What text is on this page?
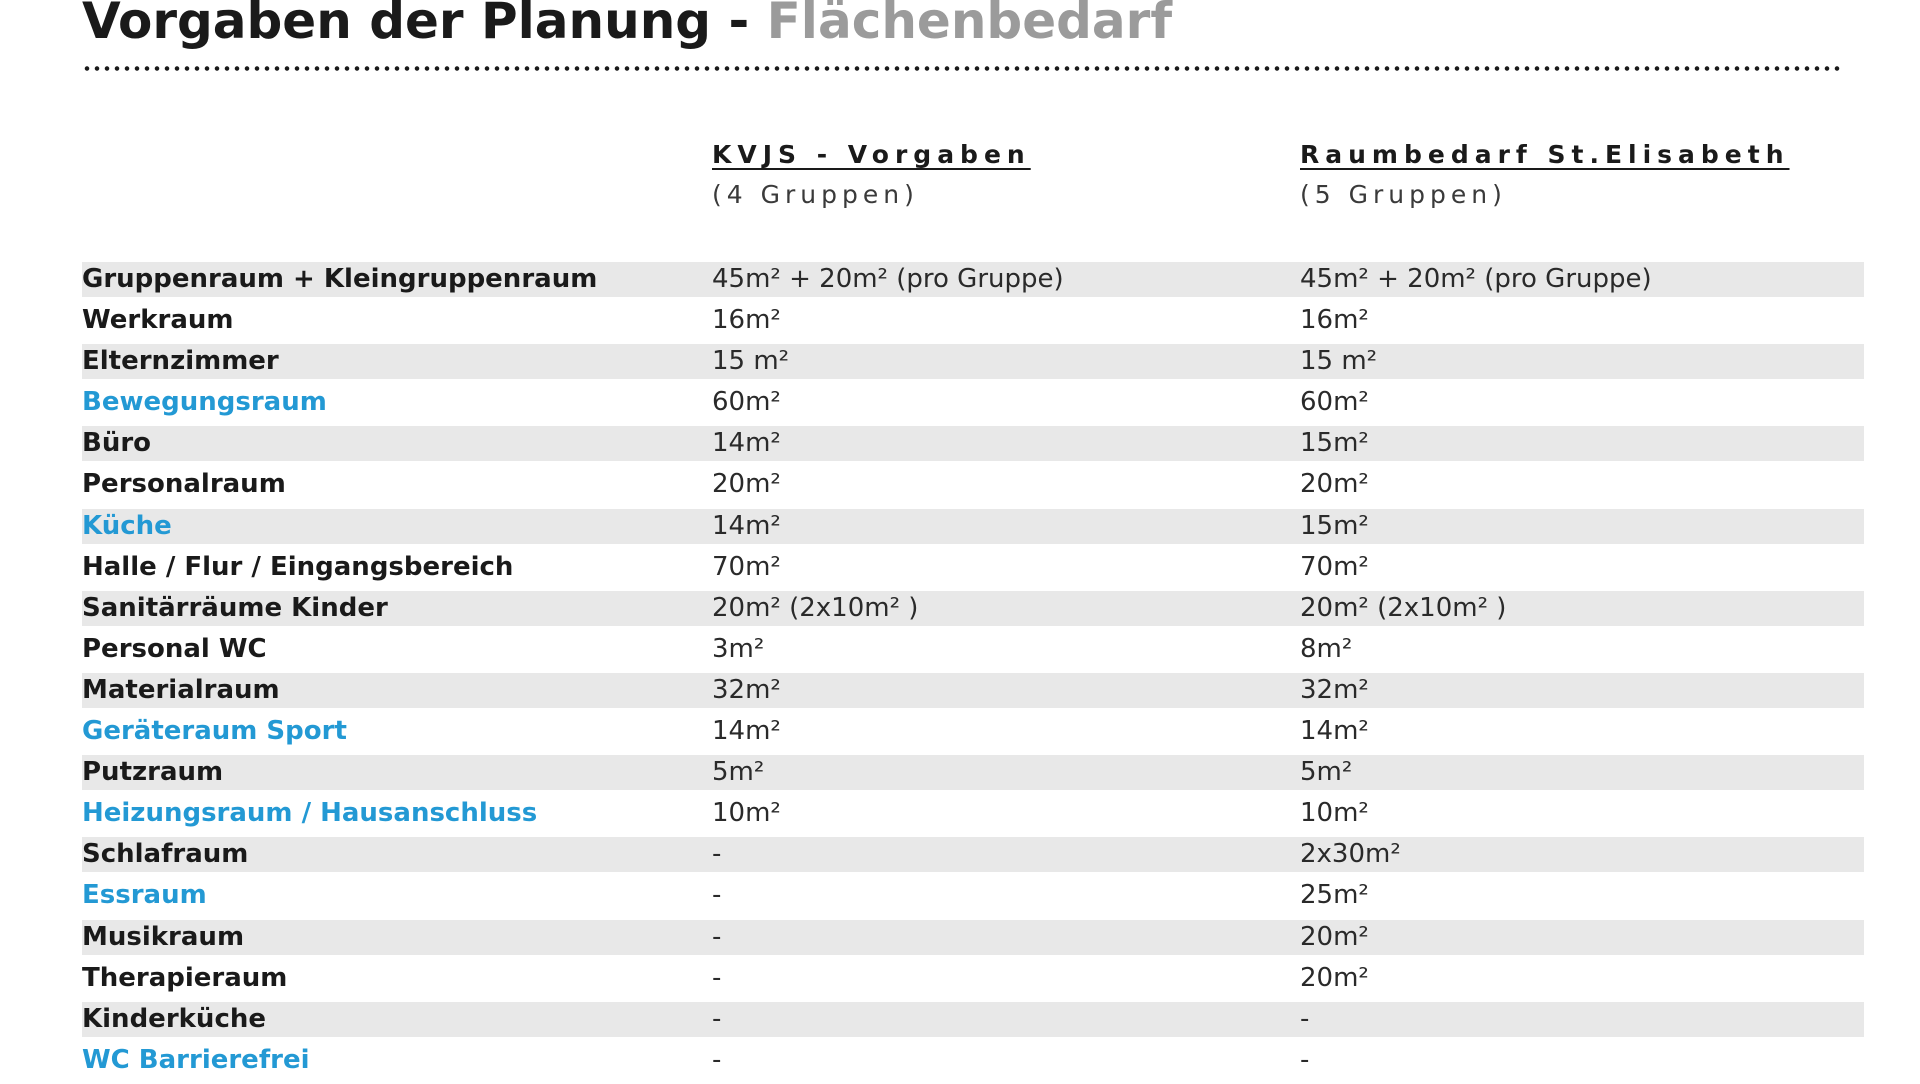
Vorgaben der Planung - Flächenbedarf
KVJS - Vorgaben
(4 Gruppen)
Raumbedarf St.Elisabeth
(5 Gruppen)
Gruppenraum + Kleingruppenraum	45m² + 20m² (pro Gruppe)	45m² + 20m² (pro Gruppe)
Werkraum	16m²	16m²
Elternzimmer	15 m²	15 m²
Bewegungsraum	60m²	60m²
Büro	14m²	15m²
Personalraum	20m²	20m²
Küche	14m²	15m²
Halle / Flur / Eingangsbereich	70m²	70m²
Sanitärräume Kinder	20m² (2x10m² )	20m² (2x10m² )
Personal WC	3m²	8m²
Materialraum	32m²	32m²
Geräteraum Sport	14m²	14m²
Putzraum	5m²	5m²
Heizungsraum / Hausanschluss	10m²	10m²
Schlafraum	-	2x30m²
Essraum	-	25m²
Musikraum	-	20m²
Therapieraum	-	20m²
Kinderküche	-	-
WC Barrierefrei	-	-
